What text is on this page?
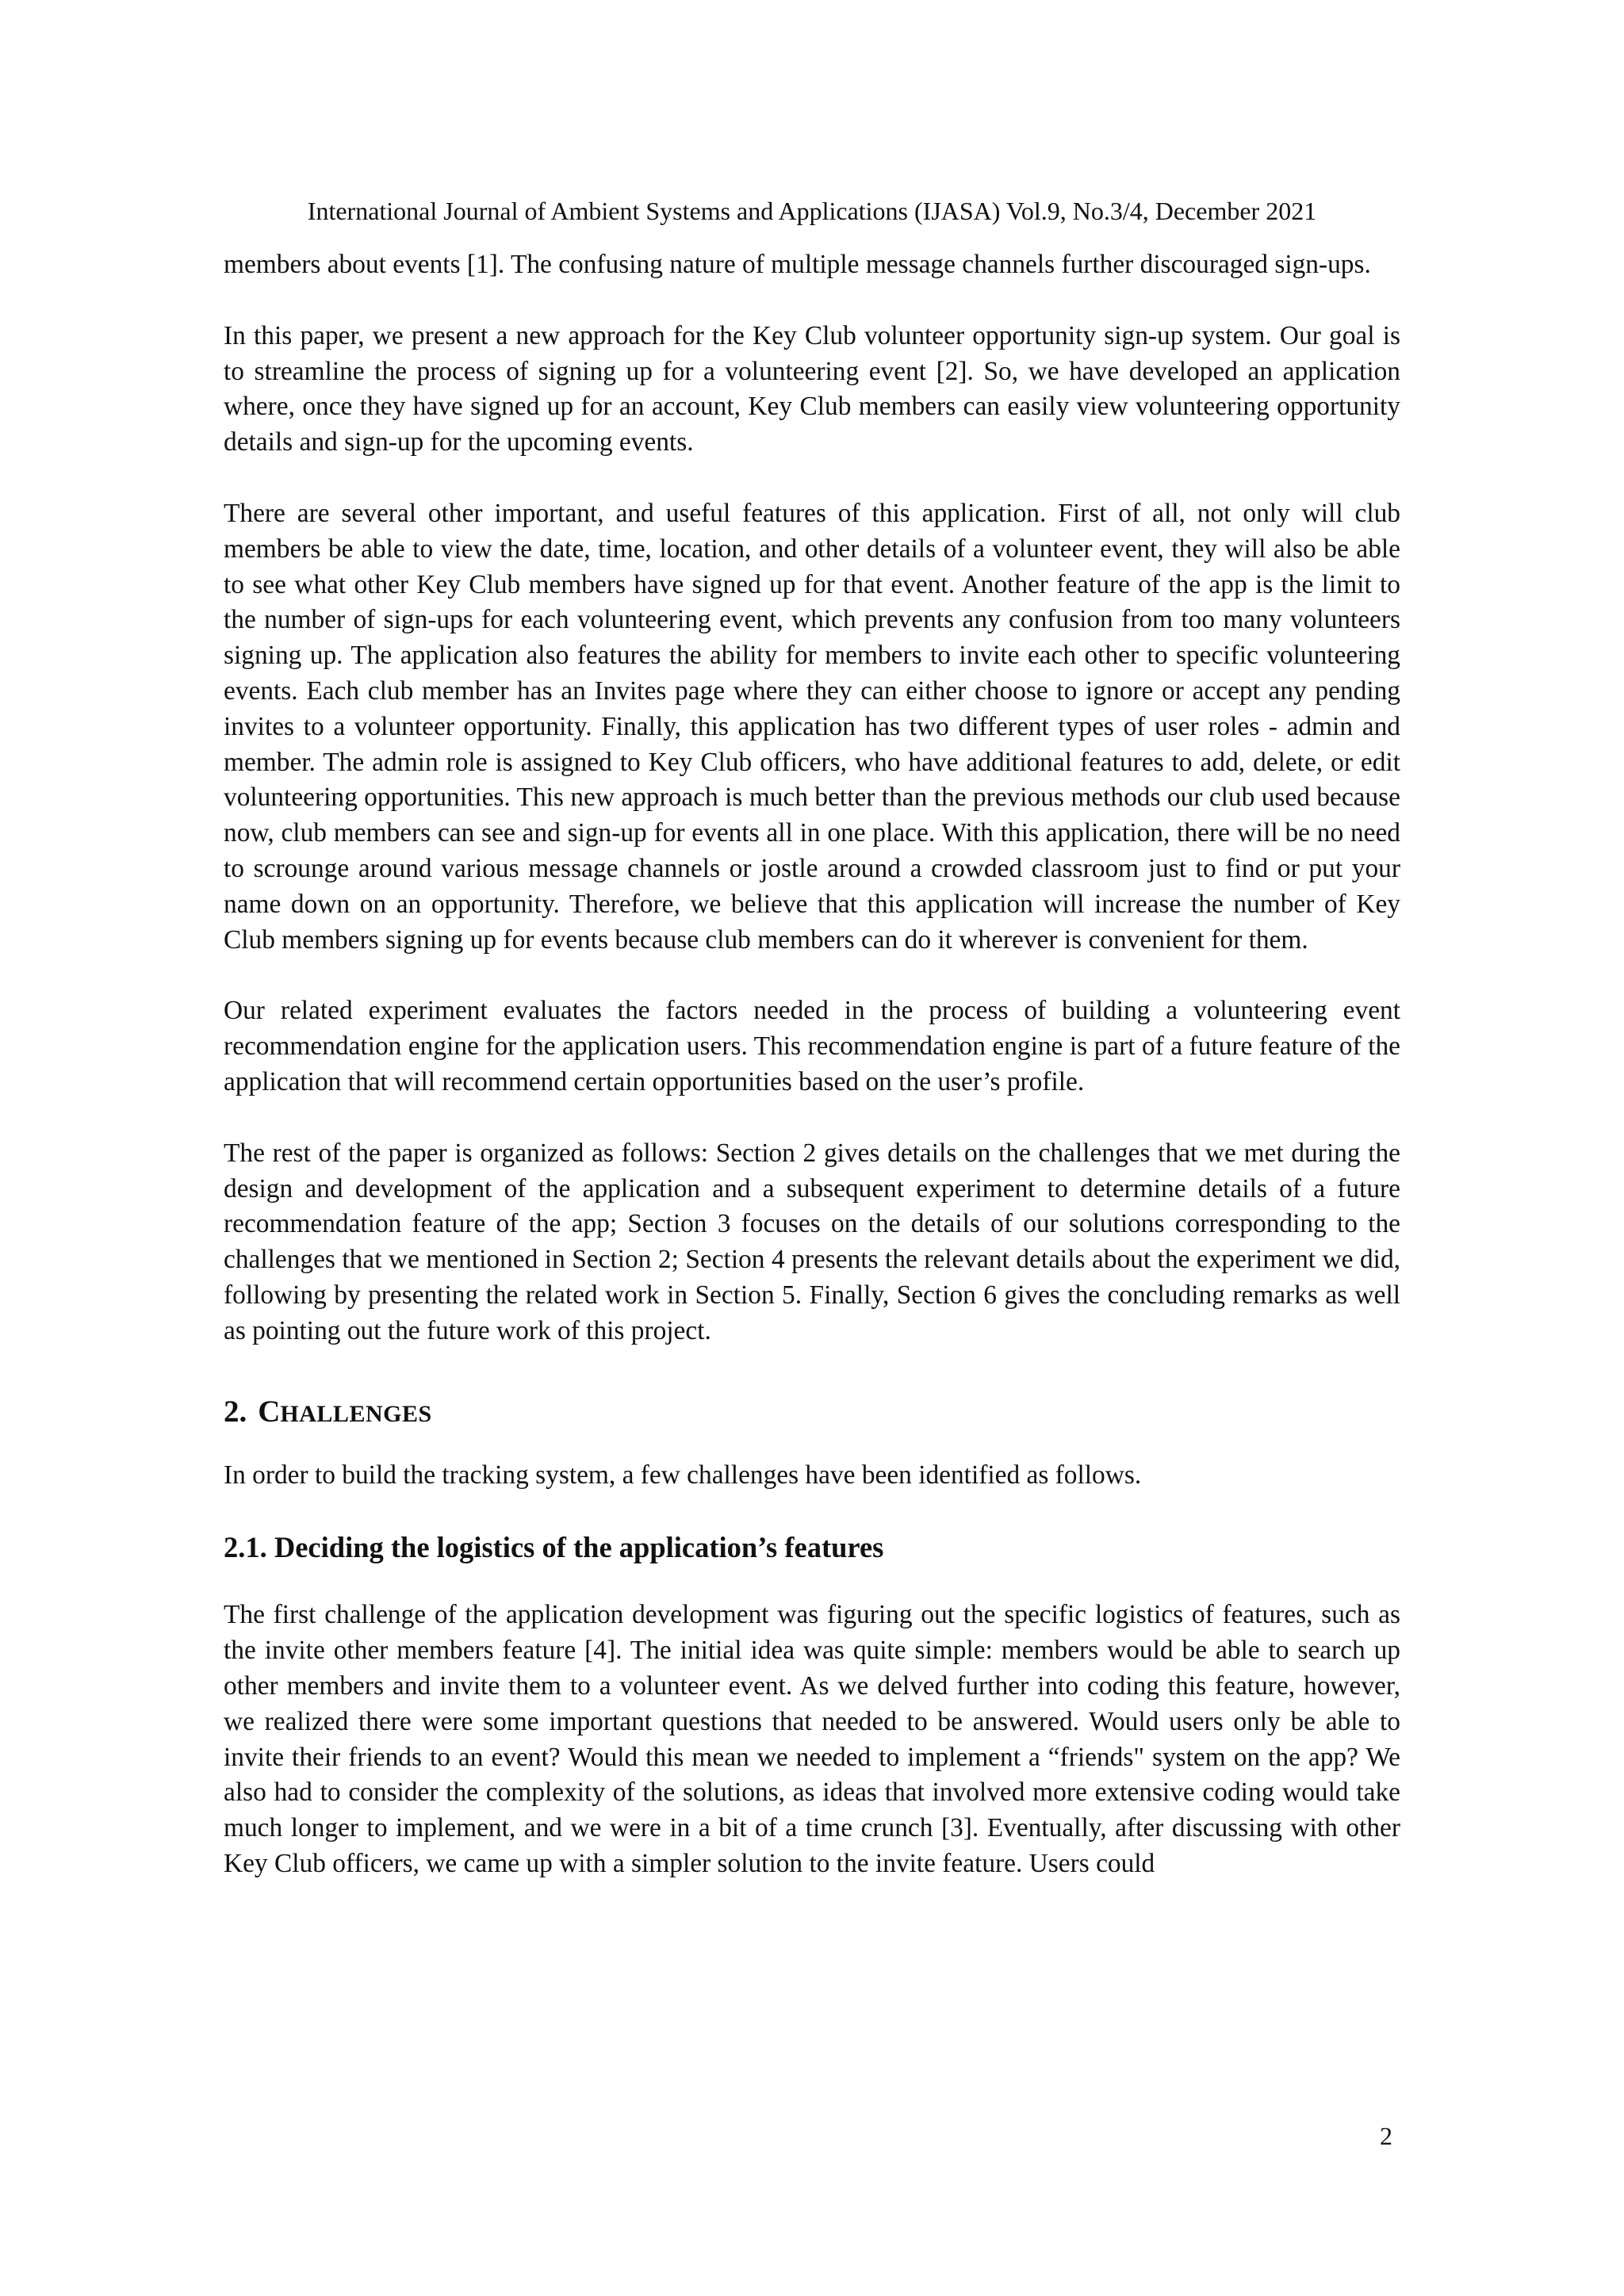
International Journal of Ambient Systems and Applications (IJASA) Vol.9, No.3/4, December 2021

members about events [1]. The confusing nature of multiple message channels further discouraged sign-ups.

In this paper, we present a new approach for the Key Club volunteer opportunity sign-up system. Our goal is to streamline the process of signing up for a volunteering event [2]. So, we have developed an application where, once they have signed up for an account, Key Club members can easily view volunteering opportunity details and sign-up for the upcoming events.

There are several other important, and useful features of this application. First of all, not only will club members be able to view the date, time, location, and other details of a volunteer event, they will also be able to see what other Key Club members have signed up for that event. Another feature of the app is the limit to the number of sign-ups for each volunteering event, which prevents any confusion from too many volunteers signing up. The application also features the ability for members to invite each other to specific volunteering events. Each club member has an Invites page where they can either choose to ignore or accept any pending invites to a volunteer opportunity. Finally, this application has two different types of user roles - admin and member. The admin role is assigned to Key Club officers, who have additional features to add, delete, or edit volunteering opportunities. This new approach is much better than the previous methods our club used because now, club members can see and sign-up for events all in one place. With this application, there will be no need to scrounge around various message channels or jostle around a crowded classroom just to find or put your name down on an opportunity. Therefore, we believe that this application will increase the number of Key Club members signing up for events because club members can do it wherever is convenient for them.

Our related experiment evaluates the factors needed in the process of building a volunteering event recommendation engine for the application users. This recommendation engine is part of a future feature of the application that will recommend certain opportunities based on the user’s profile.

The rest of the paper is organized as follows: Section 2 gives details on the challenges that we met during the design and development of the application and a subsequent experiment to determine details of a future recommendation feature of the app; Section 3 focuses on the details of our solutions corresponding to the challenges that we mentioned in Section 2; Section 4 presents the relevant details about the experiment we did, following by presenting the related work in Section 5. Finally, Section 6 gives the concluding remarks as well as pointing out the future work of this project.

2. CHALLENGES

In order to build the tracking system, a few challenges have been identified as follows.

2.1. Deciding the logistics of the application’s features

The first challenge of the application development was figuring out the specific logistics of features, such as the invite other members feature [4]. The initial idea was quite simple: members would be able to search up other members and invite them to a volunteer event. As we delved further into coding this feature, however, we realized there were some important questions that needed to be answered. Would users only be able to invite their friends to an event? Would this mean we needed to implement a “friends" system on the app? We also had to consider the complexity of the solutions, as ideas that involved more extensive coding would take much longer to implement, and we were in a bit of a time crunch [3]. Eventually, after discussing with other Key Club officers, we came up with a simpler solution to the invite feature. Users could

2
